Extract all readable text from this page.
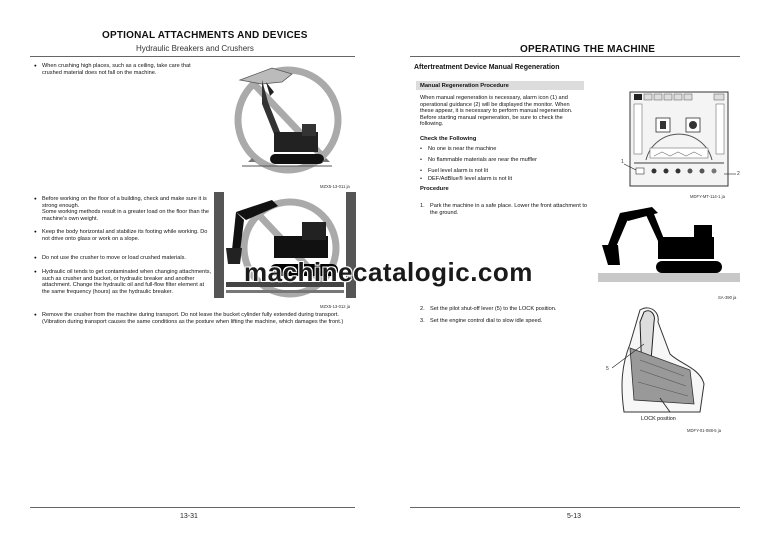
OPTIONAL ATTACHMENTS AND DEVICES
Hydraulic Breakers and Crushers
● When crushing high places, such as a ceiling, take care that crushed material does not fall on the machine.
MZX5-13-011 ja
● Before working on the floor of a building, check and make sure it is strong enough.
Some working methods result in a greater load on the floor than the machine's own weight.
● Keep the body horizontal and stabilize its footing while working. Do not drive onto glass or work on a slope.
● Do not use the crusher to move or load crushed materials.
● Hydraulic oil tends to get contaminated when changing attachments, such as crusher and bucket, or hydraulic breaker and another attachment. Change the hydraulic oil and full-flow filter element at the same frequency (hours) as the hydraulic breaker.
MZX5-13-012 ja
● Remove the crusher from the machine during transport. Do not leave the bucket cylinder fully extended during transport. (Vibration during transport causes the same conditions as the posture when lifting the machine, which damages the front.)
13-31
OPERATING THE MACHINE
Aftertreatment Device Manual Regeneration
Manual Regeneration Procedure
When manual regeneration is necessary, alarm icon (1) and operational guidance (2) will be displayed the monitor. When these appear, it is necessary to perform manual regeneration. Before starting manual regeneration, be sure to check the following.
Check the Following
• No one is near the machine
• No flammable materials are near the muffler
• Fuel level alarm is not lit
• DEF/AdBlue® level alarm is not lit
Procedure
1. Park the machine in a safe place. Lower the front attachment to the ground.
2. Set the pilot shut-off lever (5) to the LOCK position.
3. Set the engine control dial to slow idle speed.
1
2
MDFY-MT-114-1 ja
SA-390 ja
5
LOCK position
MDFY-01-088-5 ja
5-13
machinecatalogic.com
